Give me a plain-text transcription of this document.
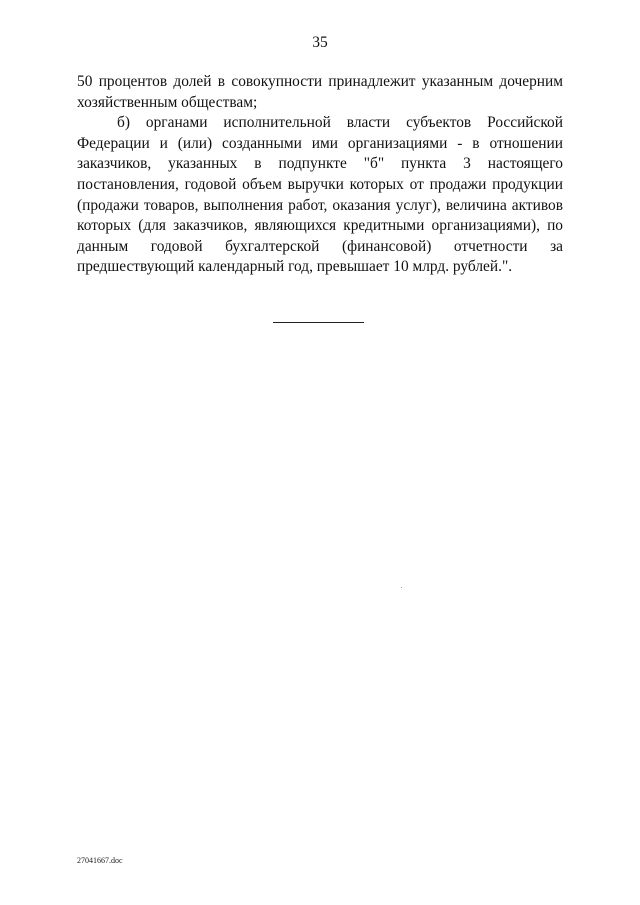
35

50 процентов долей в совокупности принадлежит указанным дочерним хозяйственным обществам;

б) органами исполнительной власти субъектов Российской Федерации и (или) созданными ими организациями - в отношении заказчиков, указанных в подпункте "б" пункта 3 настоящего постановления, годовой объем выручки которых от продажи продукции (продажи товаров, выполнения работ, оказания услуг), величина активов которых (для заказчиков, являющихся кредитными организациями), по данным годовой бухгалтерской (финансовой) отчетности за предшествующий календарный год, превышает 10 млрд. рублей.".

27041667.doc
